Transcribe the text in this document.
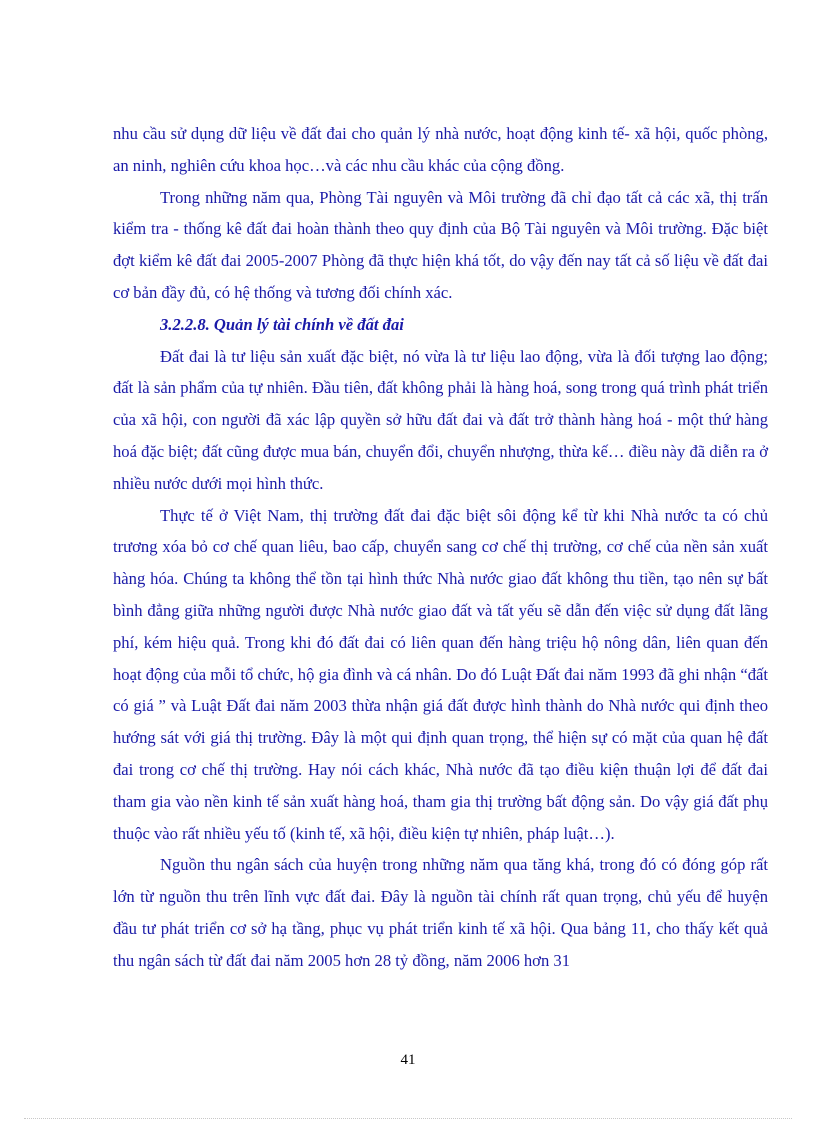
nhu cầu sử dụng dữ liệu về đất đai cho quản lý nhà nước, hoạt động kinh tế- xã hội, quốc phòng, an ninh, nghiên cứu khoa học…và các nhu cầu khác của cộng đồng.

Trong những năm qua, Phòng Tài nguyên và Môi trường đã chỉ đạo tất cả các xã, thị trấn kiểm tra - thống kê đất đai hoàn thành theo quy định của Bộ Tài nguyên và Môi trường. Đặc biệt đợt kiểm kê đất đai 2005-2007 Phòng đã thực hiện khá tốt, do vậy đến nay tất cả số liệu về đất đai cơ bản đầy đủ, có hệ thống và tương đối chính xác.

3.2.2.8. Quản lý tài chính về đất đai

Đất đai là tư liệu sản xuất đặc biệt, nó vừa là tư liệu lao động, vừa là đối tượng lao động; đất là sản phẩm của tự nhiên. Đầu tiên, đất không phải là hàng hoá, song trong quá trình phát triển của xã hội, con người đã xác lập quyền sở hữu đất đai và đất trở thành hàng hoá - một thứ hàng hoá đặc biệt; đất cũng được mua bán, chuyển đổi, chuyển nhượng, thừa kế… điều này đã diễn ra ở nhiều nước dưới mọi hình thức.

Thực tế ở Việt Nam, thị trường đất đai đặc biệt sôi động kể từ khi Nhà nước ta có chủ trương xóa bỏ cơ chế quan liêu, bao cấp, chuyển sang cơ chế thị trường, cơ chế của nền sản xuất hàng hóa. Chúng ta không thể tồn tại hình thức Nhà nước giao đất không thu tiền, tạo nên sự bất bình đẳng giữa những người được Nhà nước giao đất và tất yếu sẽ dẫn đến việc sử dụng đất lãng phí, kém hiệu quả. Trong khi đó đất đai có liên quan đến hàng triệu hộ nông dân, liên quan đến hoạt động của mỗi tổ chức, hộ gia đình và cá nhân. Do đó Luật Đất đai năm 1993 đã ghi nhận “đất có giá ” và Luật Đất đai năm 2003 thừa nhận giá đất được hình thành do Nhà nước qui định theo hướng sát với giá thị trường. Đây là một qui định quan trọng, thể hiện sự có mặt của quan hệ đất đai trong cơ chế thị trường. Hay nói cách khác, Nhà nước đã tạo điều kiện thuận lợi để đất đai tham gia vào nền kinh tế sản xuất hàng hoá, tham gia thị trường bất động sản. Do vậy giá đất phụ thuộc vào rất nhiều yếu tố (kinh tế, xã hội, điều kiện tự nhiên, pháp luật…).

Nguồn thu ngân sách của huyện trong những năm qua tăng khá, trong đó có đóng góp rất lớn từ nguồn thu trên lĩnh vực đất đai. Đây là nguồn tài chính rất quan trọng, chủ yếu để huyện đầu tư phát triển cơ sở hạ tầng, phục vụ phát triển kinh tế xã hội. Qua bảng 11, cho thấy kết quả thu ngân sách từ đất đai năm 2005 hơn 28 tỷ đồng, năm 2006 hơn 31

41
